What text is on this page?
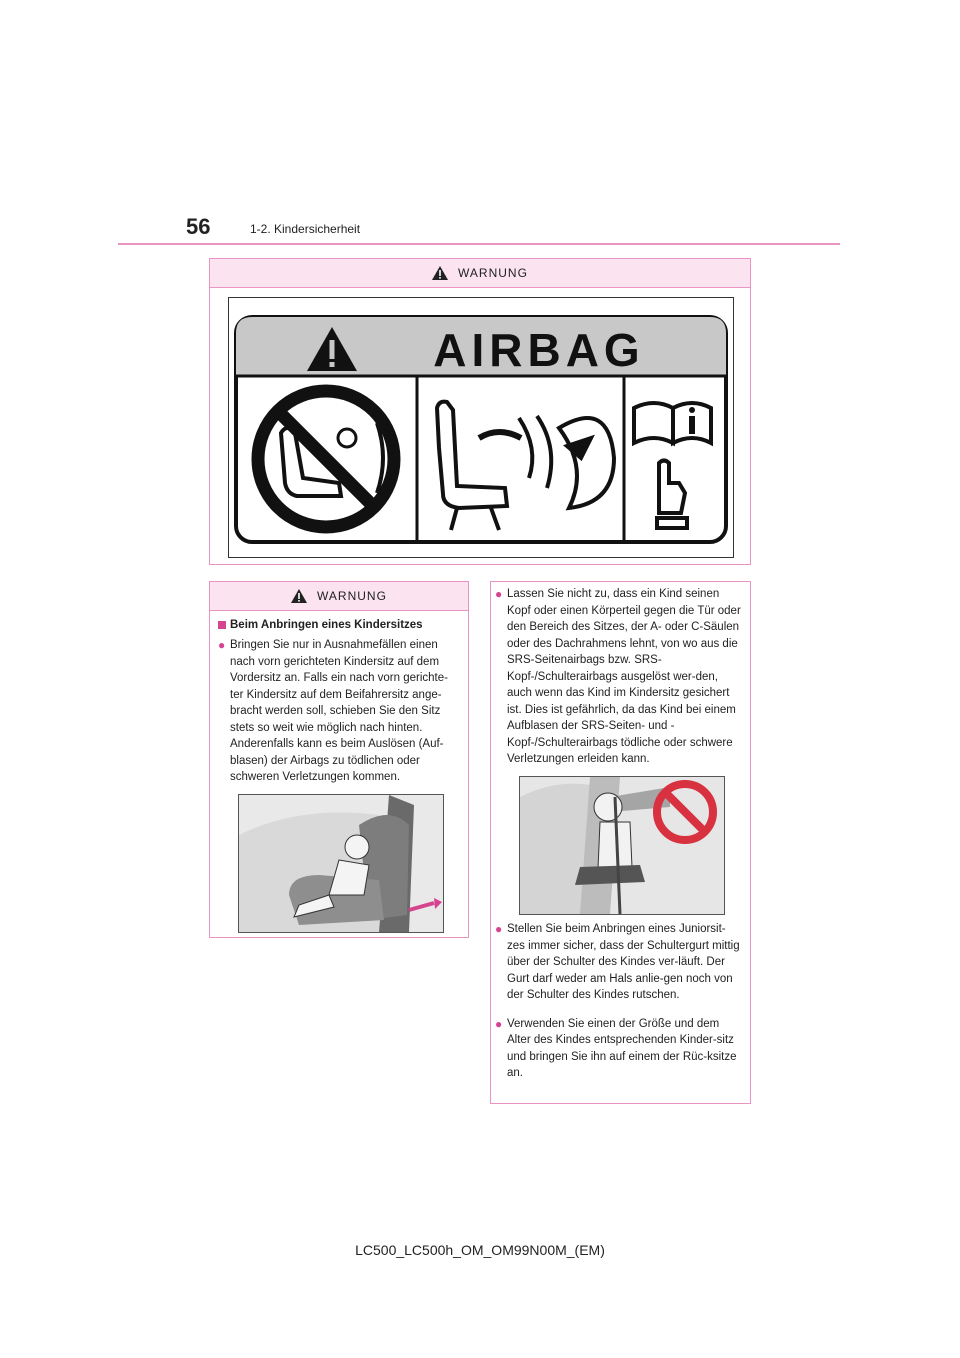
56	1-2. Kindersicherheit
WARNUNG
AIRBAG
WARNUNG
Beim Anbringen eines Kindersitzes
● Bringen Sie nur in Ausnahmefällen einen nach vorn gerichteten Kindersitz auf dem Vordersitz an. Falls ein nach vorn gerichte-ter Kindersitz auf dem Beifahrersitz ange-bracht werden soll, schieben Sie den Sitz stets so weit wie möglich nach hinten. Anderenfalls kann es beim Auslösen (Auf-blasen) der Airbags zu tödlichen oder schweren Verletzungen kommen.
● Lassen Sie nicht zu, dass ein Kind seinen Kopf oder einen Körperteil gegen die Tür oder den Bereich des Sitzes, der A- oder C-Säulen oder des Dachrahmens lehnt, von wo aus die SRS-Seitenairbags bzw. SRS-Kopf-/Schulterairbags ausgelöst wer-den, auch wenn das Kind im Kindersitz gesichert ist. Dies ist gefährlich, da das Kind bei einem Aufblasen der SRS-Seiten- und -Kopf-/Schulterairbags tödliche oder schwere Verletzungen erleiden kann.
● Stellen Sie beim Anbringen eines Juniorsit-zes immer sicher, dass der Schultergurt mittig über der Schulter des Kindes ver-läuft. Der Gurt darf weder am Hals anlie-gen noch von der Schulter des Kindes rutschen.
● Verwenden Sie einen der Größe und dem Alter des Kindes entsprechenden Kinder-sitz und bringen Sie ihn auf einem der Rüc-ksitze an.
LC500_LC500h_OM_OM99N00M_(EM)
